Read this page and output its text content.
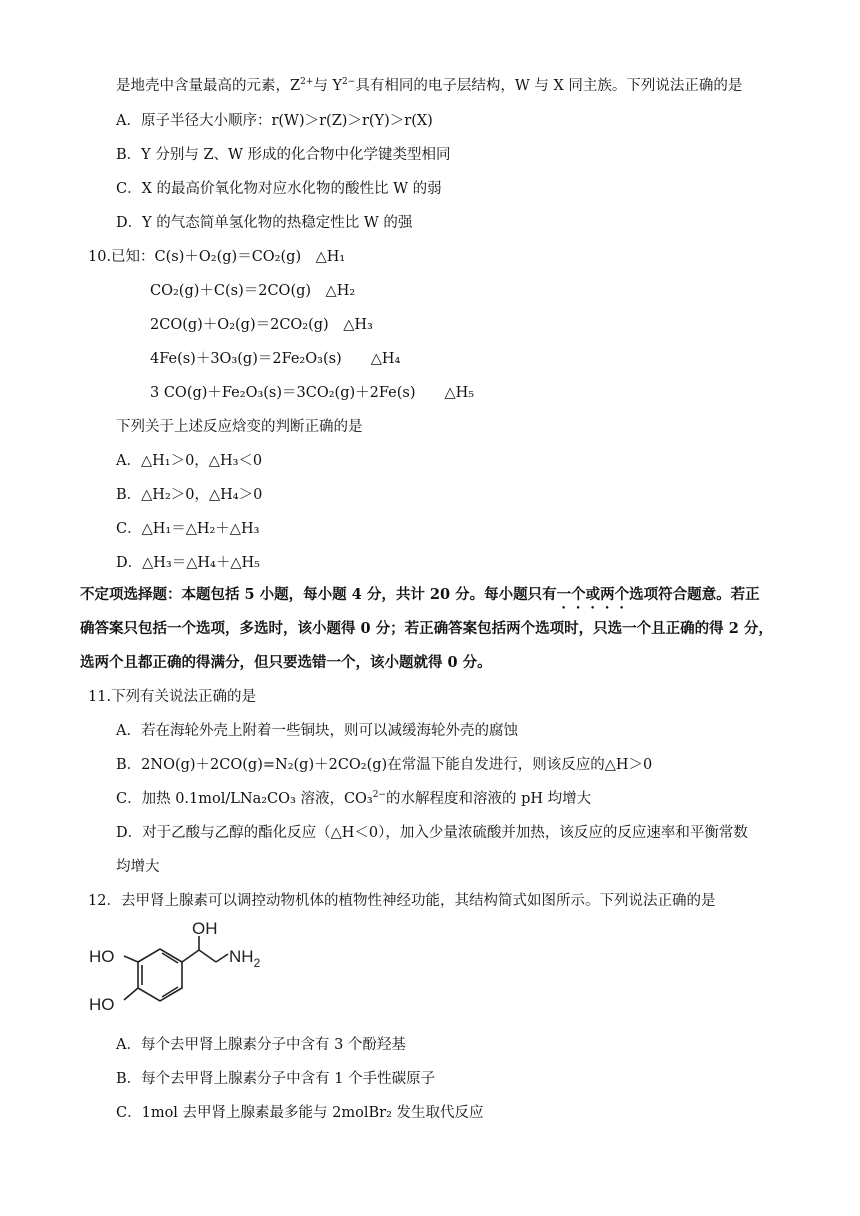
是地壳中含量最高的元素，$Z^{2+}$与 $Y^{2-}$具有相同的电子层结构，W 与 X 同主族。下列说法正确的是
A．原子半径大小顺序：r(W)＞r(Z)＞r(Y)＞r(X)
B．Y 分别与 Z、W 形成的化合物中化学键类型相同
C．X 的最高价氧化物对应水化物的酸性比 W 的弱
D．Y 的气态简单氢化物的热稳定性比 W 的强
10.已知：C(s)＋O₂(g)＝CO₂(g)　△H₁
CO₂(g)＋C(s)＝2CO(g)　△H₂
2CO(g)＋O₂(g)＝2CO₂(g)　△H₃
4Fe(s)＋3O₃(g)＝2Fe₂O₃(s)　　△H₄
3 CO(g)＋Fe₂O₃(s)＝3CO₂(g)＋2Fe(s)　　△H₅
下列关于上述反应焓变的判断正确的是
A．△H₁＞0，△H₃＜0
B．△H₂＞0，△H₄＞0
C．△H₁＝△H₂＋△H₃
D．△H₃＝△H₄＋△H₅
不定项选择题：本题包括 5 小题，每小题 4 分，共计 20 分。每小题只有一个或两个选项符合题意。若正
确答案只包括一个选项，多选时，该小题得 0 分；若正确答案包括两个选项时，只选一个且正确的得 2 分，
选两个且都正确的得满分，但只要选错一个，该小题就得 0 分。
11.下列有关说法正确的是
A．若在海轮外壳上附着一些铜块，则可以减缓海轮外壳的腐蚀
B．2NO(g)＋2CO(g)=N₂(g)＋2CO₂(g)在常温下能自发进行，则该反应的△H＞0
C．加热 0.1mol/LNa₂CO₃ 溶液，CO₃$^{2-}$的水解程度和溶液的 pH 均增大
D．对于乙酸与乙醇的酯化反应（△H＜0），加入少量浓硫酸并加热，该反应的反应速率和平衡常数
均增大
12．去甲肾上腺素可以调控动物机体的植物性神经功能，其结构简式如图所示。下列说法正确的是
OH
$NH_2$
HO
HO
A．每个去甲肾上腺素分子中含有 3 个酚羟基
B．每个去甲肾上腺素分子中含有 1 个手性碳原子
C．1mol 去甲肾上腺素最多能与 2molBr₂ 发生取代反应
